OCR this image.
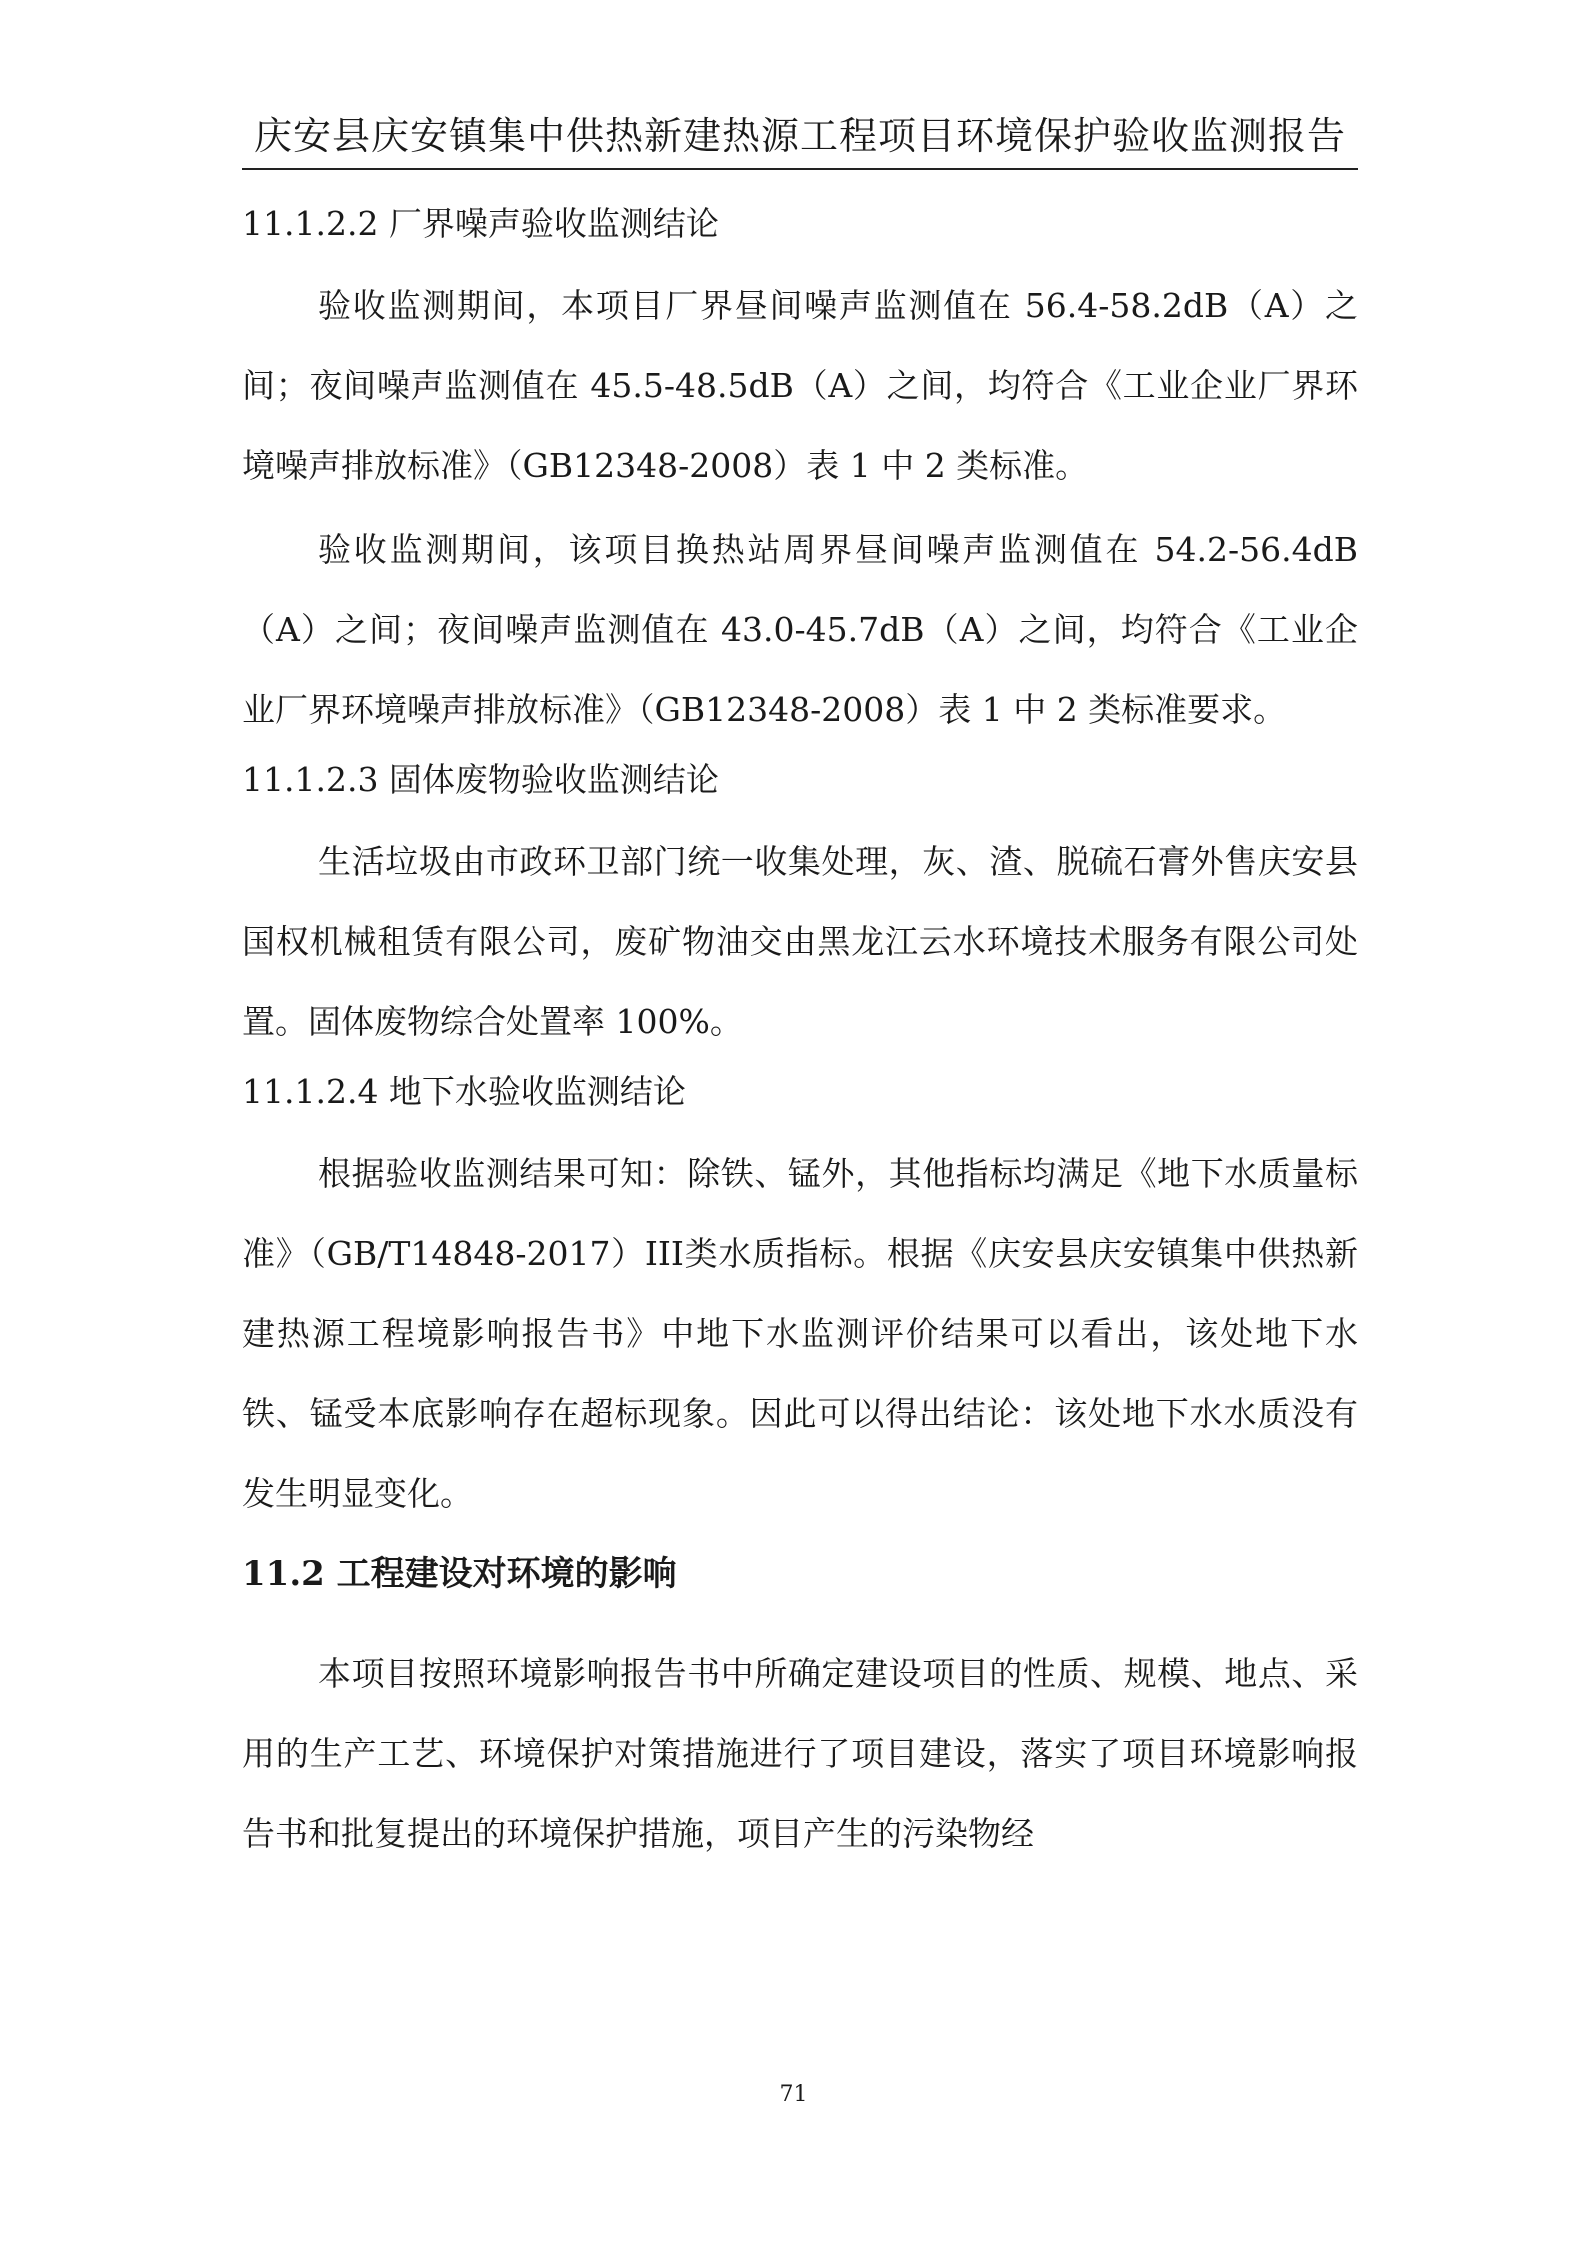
庆安县庆安镇集中供热新建热源工程项目环境保护验收监测报告
11.1.2.2 厂界噪声验收监测结论

验收监测期间，本项目厂界昼间噪声监测值在 56.4-58.2dB（A）之间；夜间噪声监测值在 45.5-48.5dB（A）之间，均符合《工业企业厂界环境噪声排放标准》（GB12348-2008）表 1 中 2 类标准。

验收监测期间，该项目换热站周界昼间噪声监测值在 54.2-56.4dB（A）之间；夜间噪声监测值在 43.0-45.7dB（A）之间，均符合《工业企业厂界环境噪声排放标准》（GB12348-2008）表 1 中 2 类标准要求。

11.1.2.3 固体废物验收监测结论

生活垃圾由市政环卫部门统一收集处理，灰、渣、脱硫石膏外售庆安县国权机械租赁有限公司，废矿物油交由黑龙江云水环境技术服务有限公司处置。固体废物综合处置率 100%。

11.1.2.4 地下水验收监测结论

根据验收监测结果可知：除铁、锰外，其他指标均满足《地下水质量标准》（GB/T14848-2017）III类水质指标。根据《庆安县庆安镇集中供热新建热源工程境影响报告书》中地下水监测评价结果可以看出，该处地下水铁、锰受本底影响存在超标现象。因此可以得出结论：该处地下水水质没有发生明显变化。

11.2 工程建设对环境的影响

本项目按照环境影响报告书中所确定建设项目的性质、规模、地点、采用的生产工艺、环境保护对策措施进行了项目建设，落实了项目环境影响报告书和批复提出的环境保护措施，项目产生的污染物经

71
